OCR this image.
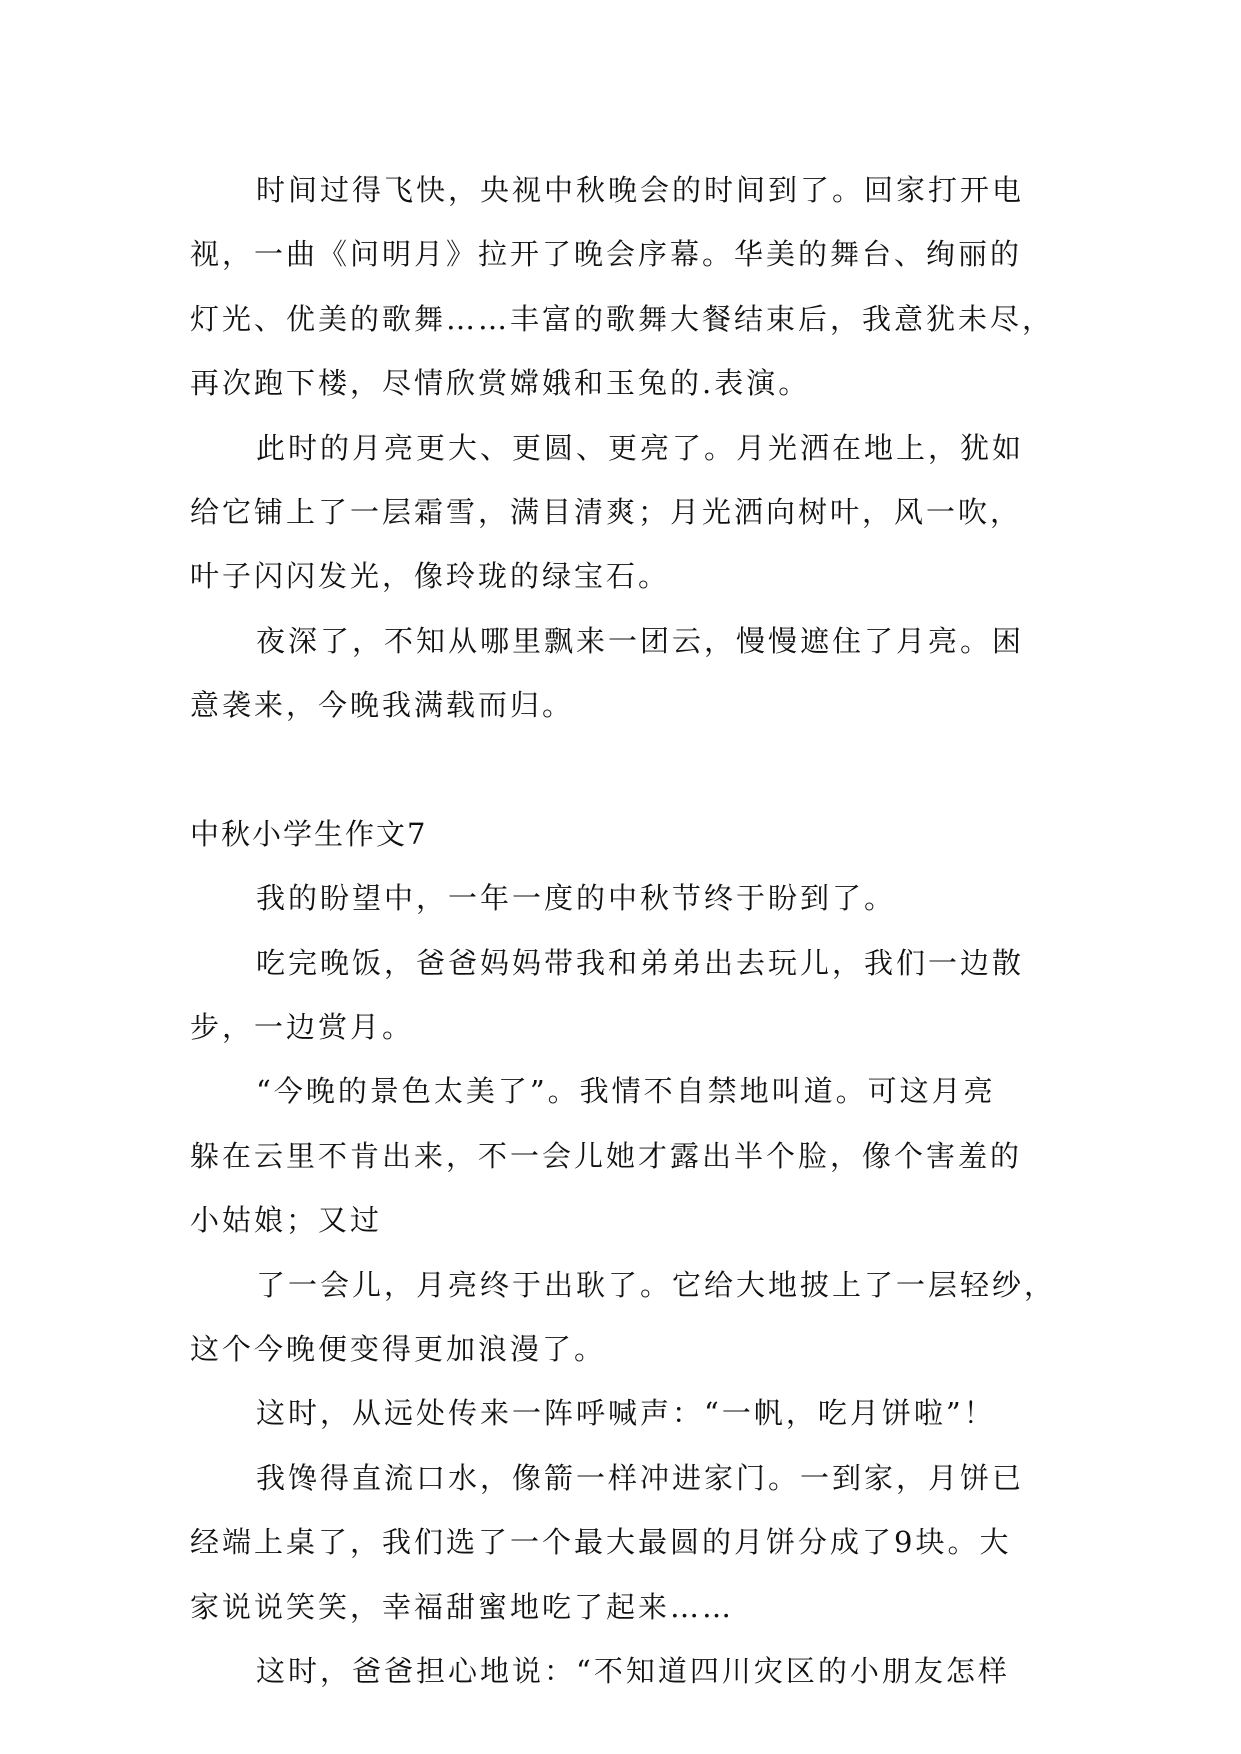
时间过得飞快，央视中秋晚会的时间到了。回家打开电
视，一曲《问明月》拉开了晚会序幕。华美的舞台、绚丽的
灯光、优美的歌舞……丰富的歌舞大餐结束后，我意犹未尽，
再次跑下楼，尽情欣赏嫦娥和玉兔的.表演。
此时的月亮更大、更圆、更亮了。月光洒在地上，犹如
给它铺上了一层霜雪，满目清爽；月光洒向树叶，风一吹，
叶子闪闪发光，像玲珑的绿宝石。
夜深了，不知从哪里飘来一团云，慢慢遮住了月亮。困
意袭来，今晚我满载而归。
中秋小学生作文7
我的盼望中，一年一度的中秋节终于盼到了。
吃完晚饭，爸爸妈妈带我和弟弟出去玩儿，我们一边散
步，一边赏月。
“今晚的景色太美了”。我情不自禁地叫道。可这月亮
躲在云里不肯出来，不一会儿她才露出半个脸，像个害羞的
小姑娘；又过
了一会儿，月亮终于出耿了。它给大地披上了一层轻纱，
这个今晚便变得更加浪漫了。
这时，从远处传来一阵呼喊声：“一帆，吃月饼啦”！
我馋得直流口水，像箭一样冲进家门。一到家，月饼已
经端上桌了，我们选了一个最大最圆的月饼分成了9块。大
家说说笑笑，幸福甜蜜地吃了起来……
这时，爸爸担心地说：“不知道四川灾区的小朋友怎样
